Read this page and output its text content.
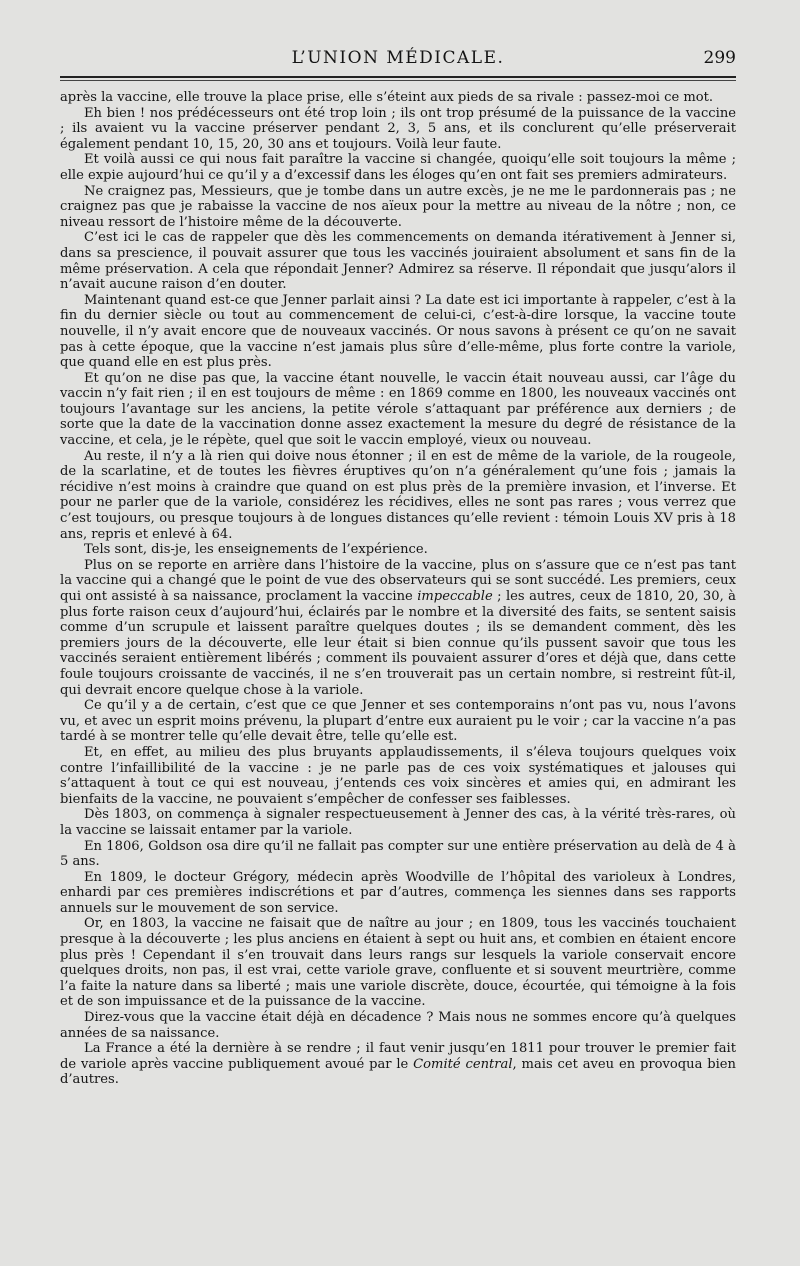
L’UNION MÉDICALE.	299

après la vaccine, elle trouve la place prise, elle s’éteint aux pieds de sa rivale : passez-moi ce mot.

Eh bien ! nos prédécesseurs ont été trop loin ; ils ont trop présumé de la puissance de la vaccine ; ils avaient vu la vaccine préserver pendant 2, 3, 5 ans, et ils conclurent qu’elle préserverait également pendant 10, 15, 20, 30 ans et toujours. Voilà leur faute.

Et voilà aussi ce qui nous fait paraître la vaccine si changée, quoiqu’elle soit toujours la même ; elle expie aujourd’hui ce qu’il y a d’excessif dans les éloges qu’en ont fait ses premiers admirateurs.

Ne craignez pas, Messieurs, que je tombe dans un autre excès, je ne me le pardonnerais pas ; ne craignez pas que je rabaisse la vaccine de nos aïeux pour la mettre au niveau de la nôtre ; non, ce niveau ressort de l’histoire même de la découverte.

C’est ici le cas de rappeler que dès les commencements on demanda itérativement à Jenner si, dans sa prescience, il pouvait assurer que tous les vaccinés jouiraient absolument et sans fin de la même préservation. A cela que répondait Jenner? Admirez sa réserve. Il répondait que jusqu’alors il n’avait aucune raison d’en douter.

Maintenant quand est-ce que Jenner parlait ainsi ? La date est ici importante à rappeler, c’est à la fin du dernier siècle ou tout au commencement de celui-ci, c’est-à-dire lorsque, la vaccine toute nouvelle, il n’y avait encore que de nouveaux vaccinés. Or nous savons à présent ce qu’on ne savait pas à cette époque, que la vaccine n’est jamais plus sûre d’elle-même, plus forte contre la variole, que quand elle en est plus près.

Et qu’on ne dise pas que, la vaccine étant nouvelle, le vaccin était nouveau aussi, car l’âge du vaccin n’y fait rien ; il en est toujours de même : en 1869 comme en 1800, les nouveaux vaccinés ont toujours l’avantage sur les anciens, la petite vérole s’attaquant par préférence aux derniers ; de sorte que la date de la vaccination donne assez exactement la mesure du degré de résistance de la vaccine, et cela, je le répète, quel que soit le vaccin employé, vieux ou nouveau.

Au reste, il n’y a là rien qui doive nous étonner ; il en est de même de la variole, de la rougeole, de la scarlatine, et de toutes les fièvres éruptives qu’on n’a généralement qu’une fois ; jamais la récidive n’est moins à craindre que quand on est plus près de la première invasion, et l’inverse. Et pour ne parler que de la variole, considérez les récidives, elles ne sont pas rares ; vous verrez que c’est toujours, ou presque toujours à de longues distances qu’elle revient : témoin Louis XV pris à 18 ans, repris et enlevé à 64.

Tels sont, dis-je, les enseignements de l’expérience.

Plus on se reporte en arrière dans l’histoire de la vaccine, plus on s’assure que ce n’est pas tant la vaccine qui a changé que le point de vue des observateurs qui se sont succédé. Les premiers, ceux qui ont assisté à sa naissance, proclament la vaccine impeccable ; les autres, ceux de 1810, 20, 30, à plus forte raison ceux d’aujourd’hui, éclairés par le nombre et la diversité des faits, se sentent saisis comme d’un scrupule et laissent paraître quelques doutes ; ils se demandent comment, dès les premiers jours de la découverte, elle leur était si bien connue qu’ils pussent savoir que tous les vaccinés seraient entièrement libérés ; comment ils pouvaient assurer d’ores et déjà que, dans cette foule toujours croissante de vaccinés, il ne s’en trouverait pas un certain nombre, si restreint fût-il, qui devrait encore quelque chose à la variole.

Ce qu’il y a de certain, c’est que ce que Jenner et ses contemporains n’ont pas vu, nous l’avons vu, et avec un esprit moins prévenu, la plupart d’entre eux auraient pu le voir ; car la vaccine n’a pas tardé à se montrer telle qu’elle devait être, telle qu’elle est.

Et, en effet, au milieu des plus bruyants applaudissements, il s’éleva toujours quelques voix contre l’infaillibilité de la vaccine : je ne parle pas de ces voix systématiques et jalouses qui s’attaquent à tout ce qui est nouveau, j’entends ces voix sincères et amies qui, en admirant les bienfaits de la vaccine, ne pouvaient s’empêcher de confesser ses faiblesses.

Dès 1803, on commença à signaler respectueusement à Jenner des cas, à la vérité très-rares, où la vaccine se laissait entamer par la variole.

En 1806, Goldson osa dire qu’il ne fallait pas compter sur une entière préservation au delà de 4 à 5 ans.

En 1809, le docteur Grégory, médecin après Woodville de l’hôpital des varioleux à Londres, enhardi par ces premières indiscrétions et par d’autres, commença les siennes dans ses rapports annuels sur le mouvement de son service.

Or, en 1803, la vaccine ne faisait que de naître au jour ; en 1809, tous les vaccinés touchaient presque à la découverte ; les plus anciens en étaient à sept ou huit ans, et combien en étaient encore plus près ! Cependant il s’en trouvait dans leurs rangs sur lesquels la variole conservait encore quelques droits, non pas, il est vrai, cette variole grave, confluente et si souvent meurtrière, comme l’a faite la nature dans sa liberté ; mais une variole discrète, douce, écourtée, qui témoigne à la fois et de son impuissance et de la puissance de la vaccine.

Direz-vous que la vaccine était déjà en décadence ? Mais nous ne sommes encore qu’à quelques années de sa naissance.

La France a été la dernière à se rendre ; il faut venir jusqu’en 1811 pour trouver le premier fait de variole après vaccine publiquement avoué par le Comité central, mais cet aveu en provoqua bien d’autres.
